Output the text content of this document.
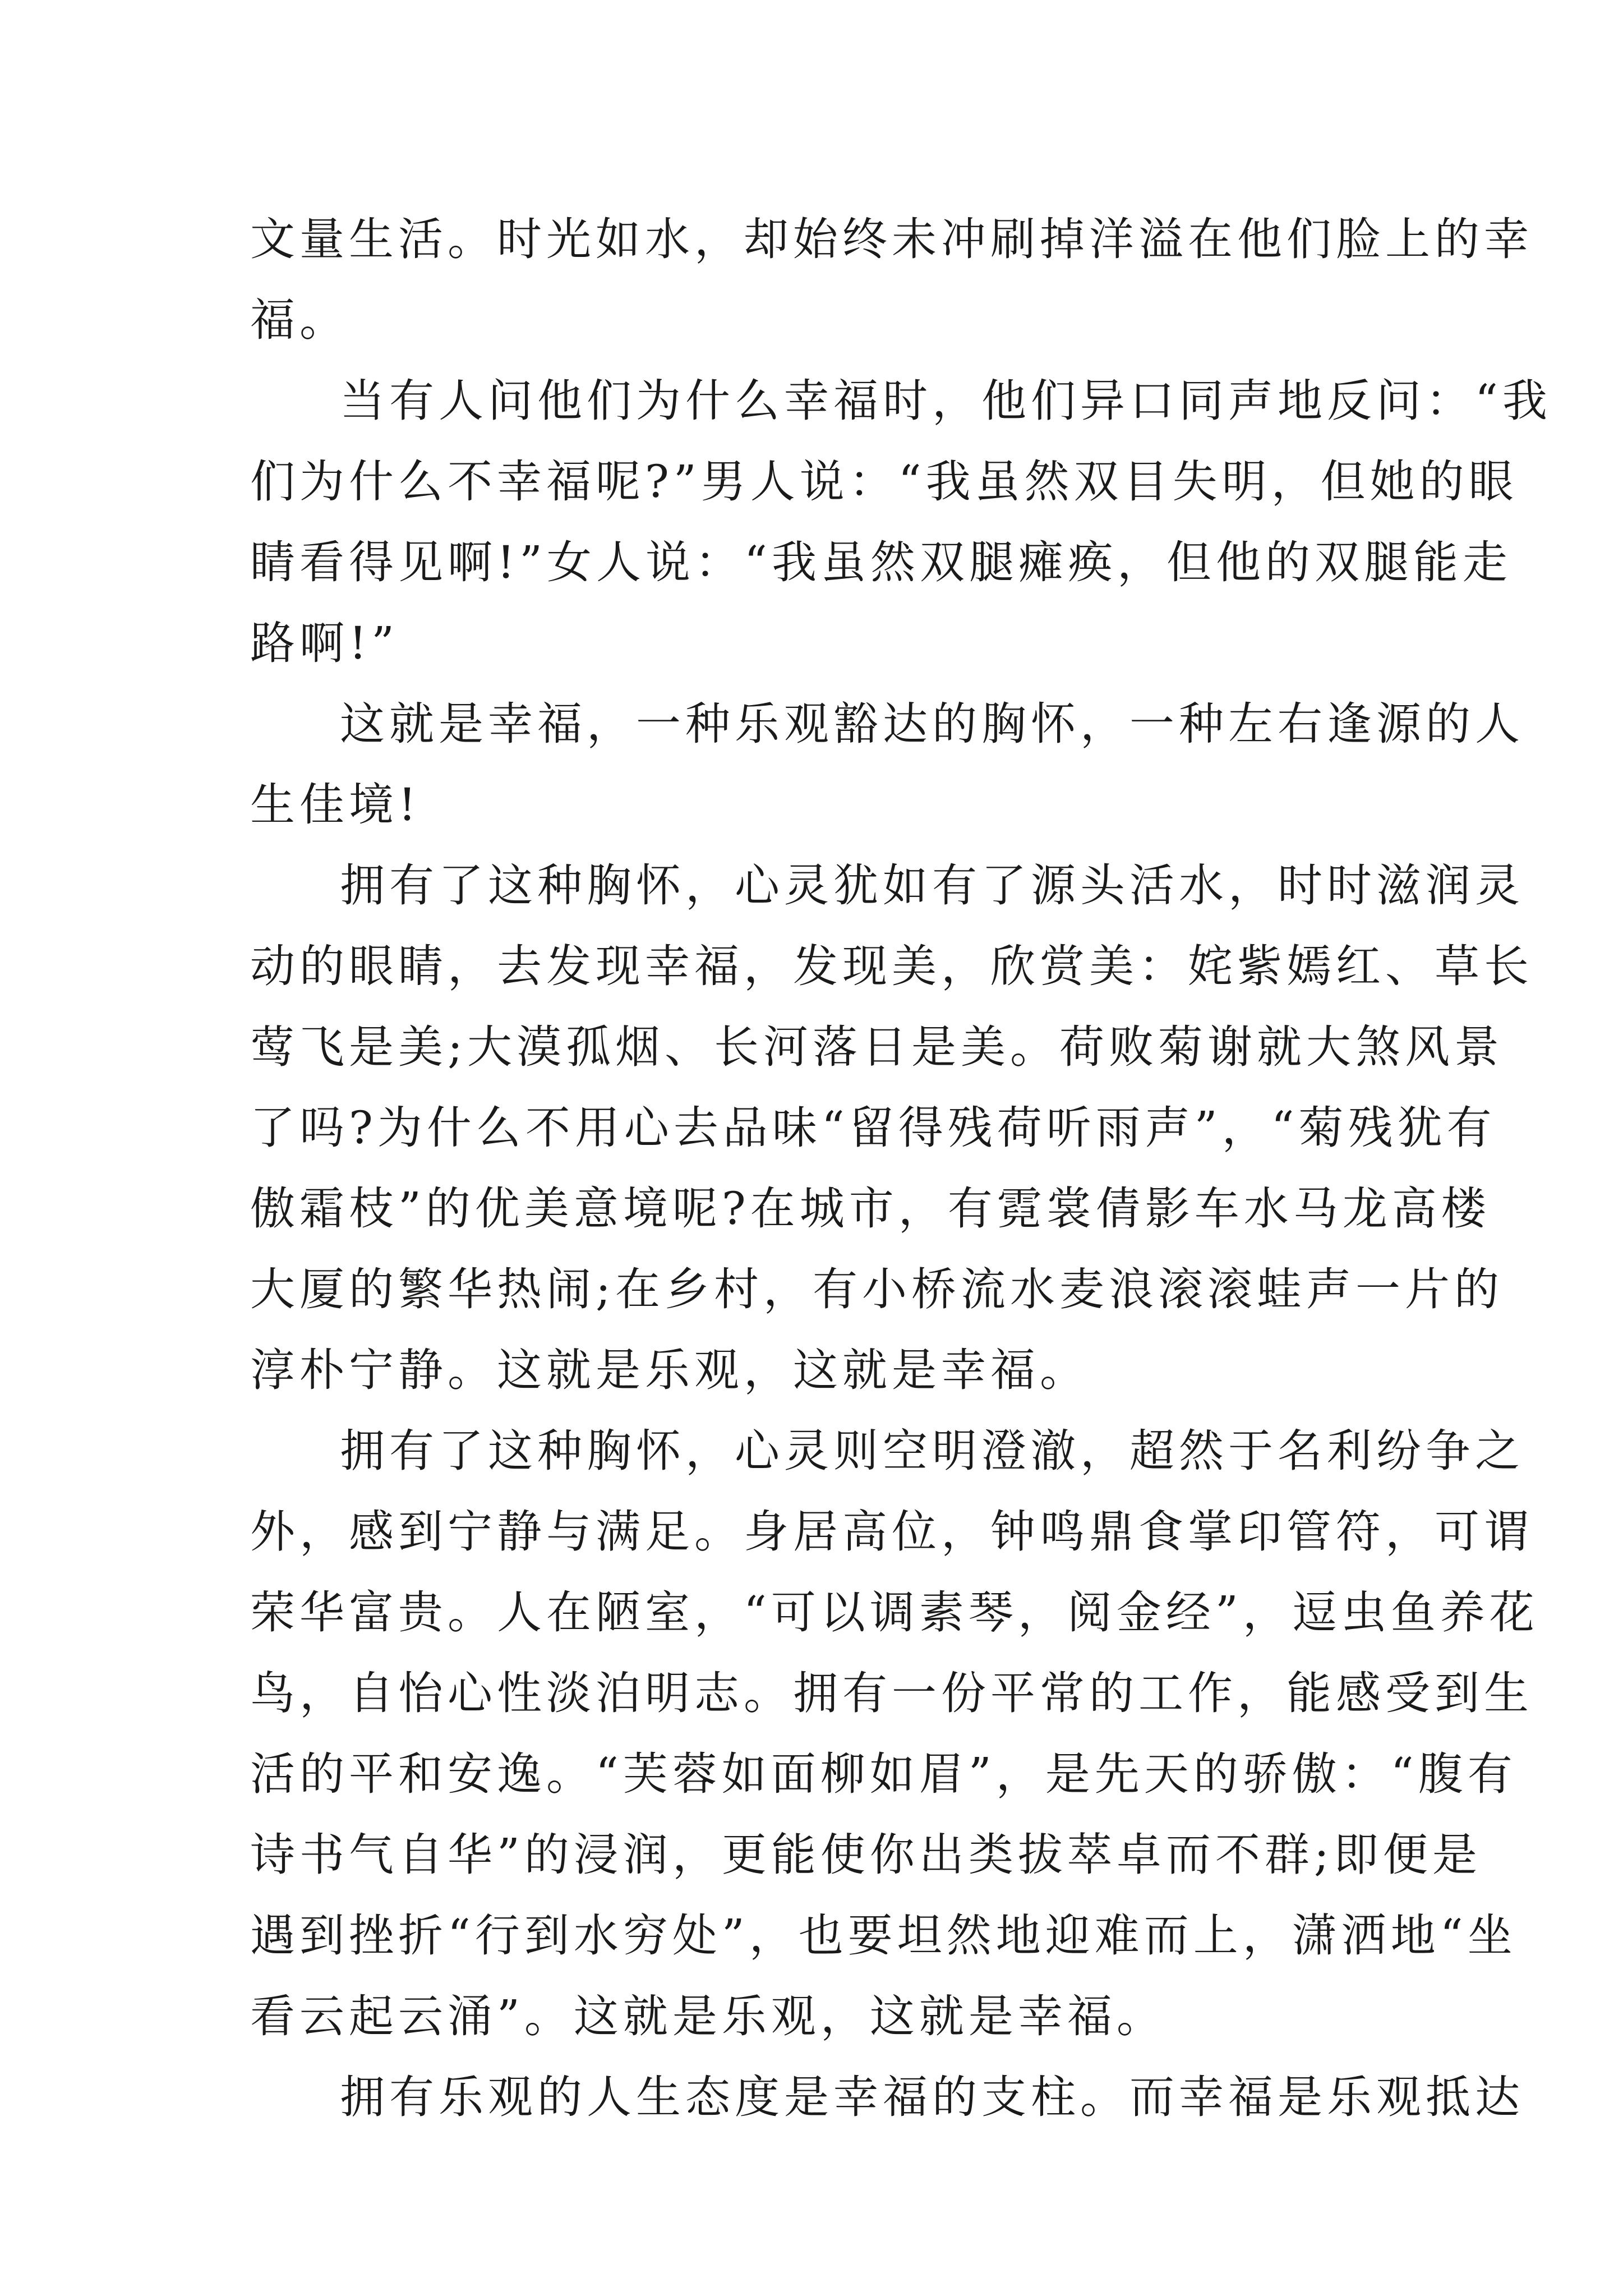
文量生活。时光如水，却始终未冲刷掉洋溢在他们脸上的幸
福。
当有人问他们为什么幸福时，他们异口同声地反问：“我
们为什么不幸福呢?”男人说：“我虽然双目失明，但她的眼
睛看得见啊!”女人说：“我虽然双腿瘫痪，但他的双腿能走
路啊!”
这就是幸福，一种乐观豁达的胸怀，一种左右逢源的人
生佳境!
拥有了这种胸怀，心灵犹如有了源头活水，时时滋润灵
动的眼睛，去发现幸福，发现美，欣赏美：姹紫嫣红、草长
莺飞是美;大漠孤烟、长河落日是美。荷败菊谢就大煞风景
了吗?为什么不用心去品味“留得残荷听雨声”，“菊残犹有
傲霜枝”的优美意境呢?在城市，有霓裳倩影车水马龙高楼
大厦的繁华热闹;在乡村，有小桥流水麦浪滚滚蛙声一片的
淳朴宁静。这就是乐观，这就是幸福。
拥有了这种胸怀，心灵则空明澄澈，超然于名利纷争之
外，感到宁静与满足。身居高位，钟鸣鼎食掌印管符，可谓
荣华富贵。人在陋室，“可以调素琴，阅金经”，逗虫鱼养花
鸟，自怡心性淡泊明志。拥有一份平常的工作，能感受到生
活的平和安逸。“芙蓉如面柳如眉”，是先天的骄傲：“腹有
诗书气自华”的浸润，更能使你出类拔萃卓而不群;即便是
遇到挫折“行到水穷处”，也要坦然地迎难而上，潇洒地“坐
看云起云涌”。这就是乐观，这就是幸福。
拥有乐观的人生态度是幸福的支柱。而幸福是乐观抵达
